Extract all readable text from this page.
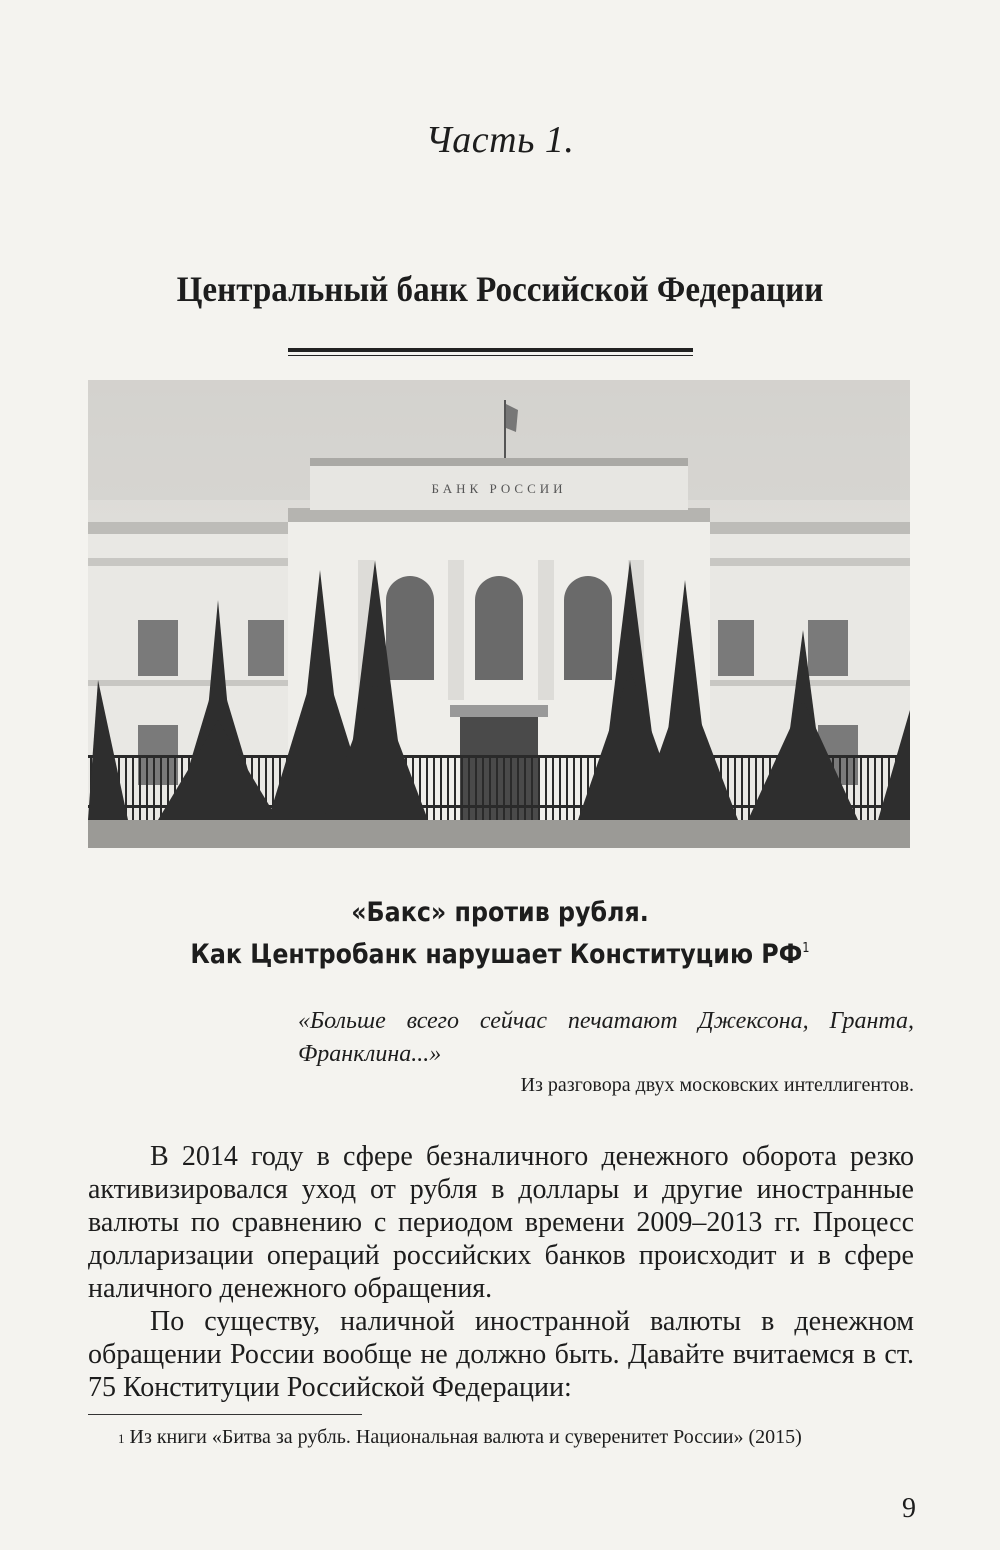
Часть 1.
Центральный банк Российской Федерации
БАНК РОССИИ
«Бакс» против рубля.
Как Центробанк нарушает Конституцию $РФ^1$
«Больше всего сейчас печатают Джексона, Гранта, Франклина...»
Из разговора двух московских интеллигентов.

В 2014 году в сфере безналичного денежного оборота резко активизировался уход от рубля в доллары и другие иностранные валюты по сравнению с периодом времени 2009–2013 гг. Процесс долларизации операций российских банков происходит и в сфере наличного денежного обращения.

По существу, наличной иностранной валюты в денежном обращении России вообще не должно быть. Давайте вчитаемся в ст. 75 Конституции Российской Федерации:

$^1$ Из книги «Битва за рубль. Национальная валюта и суверенитет России» (2015)
9
